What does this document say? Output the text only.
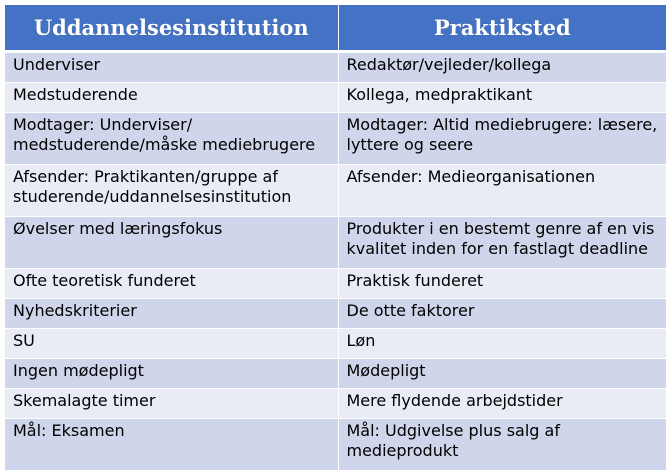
Uddannelsesinstitution	Praktiksted
Underviser	Redaktør/vejleder/kollega
Medstuderende	Kollega, medpraktikant
Modtager: Underviser/ medstuderende/måske mediebrugere	Modtager: Altid mediebrugere: læsere, lyttere og seere
Afsender: Praktikanten/gruppe af studerende/uddannelsesinstitution	Afsender: Medieorganisationen
Øvelser med læringsfokus	Produkter i en bestemt genre af en vis kvalitet inden for en fastlagt deadline
Ofte teoretisk funderet	Praktisk funderet
Nyhedskriterier	De otte faktorer
SU	Løn
Ingen mødepligt	Mødepligt
Skemalagte timer	Mere flydende arbejdstider
Mål: Eksamen	Mål: Udgivelse plus salg af medieprodukt
